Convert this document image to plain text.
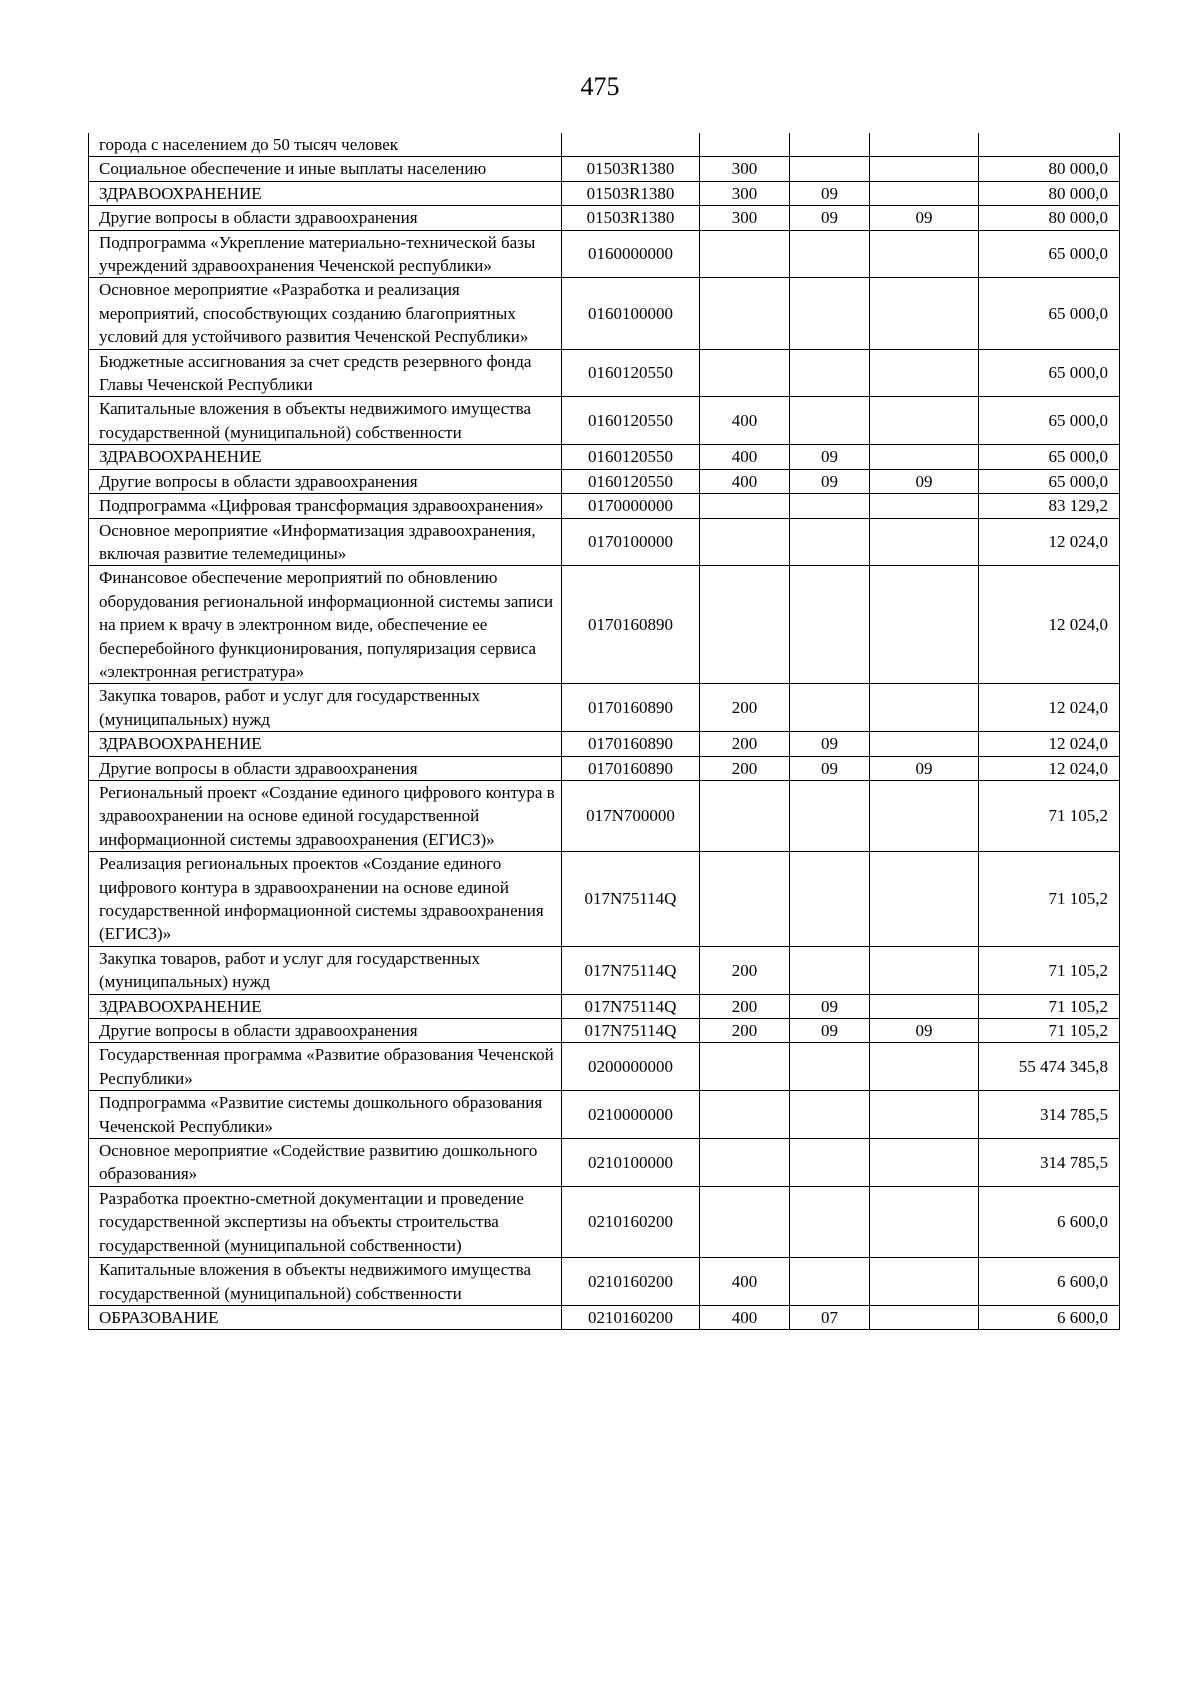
475
города с населением до 50 тысяч человек					
Социальное обеспечение и иные выплаты населению	01503R1380	300			80 000,0
ЗДРАВООХРАНЕНИЕ	01503R1380	300	09		80 000,0
Другие вопросы в области здравоохранения	01503R1380	300	09	09	80 000,0
Подпрограмма «Укрепление материально-технической базы учреждений здравоохранения Чеченской республики»	0160000000				65 000,0
Основное мероприятие «Разработка и реализация мероприятий, способствующих созданию благоприятных условий для устойчивого развития Чеченской Республики»	0160100000				65 000,0
Бюджетные ассигнования за счет средств резервного фонда Главы Чеченской Республики	0160120550				65 000,0
Капитальные вложения в объекты недвижимого имущества государственной (муниципальной) собственности	0160120550	400			65 000,0
ЗДРАВООХРАНЕНИЕ	0160120550	400	09		65 000,0
Другие вопросы в области здравоохранения	0160120550	400	09	09	65 000,0
Подпрограмма «Цифровая трансформация здравоохранения»	0170000000				83 129,2
Основное мероприятие «Информатизация здравоохранения, включая развитие телемедицины»	0170100000				12 024,0
Финансовое обеспечение мероприятий по обновлению оборудования региональной информационной системы записи на прием к врачу в электронном виде, обеспечение ее бесперебойного функционирования, популяризация сервиса «электронная регистратура»	0170160890				12 024,0
Закупка товаров, работ и услуг для государственных (муниципальных) нужд	0170160890	200			12 024,0
ЗДРАВООХРАНЕНИЕ	0170160890	200	09		12 024,0
Другие вопросы в области здравоохранения	0170160890	200	09	09	12 024,0
Региональный проект «Создание единого цифрового контура в здравоохранении на основе единой государственной информационной системы здравоохранения (ЕГИСЗ)»	017N700000				71 105,2
Реализация региональных проектов «Создание единого цифрового контура в здравоохранении на основе единой государственной информационной системы здравоохранения (ЕГИСЗ)»	017N75114Q				71 105,2
Закупка товаров, работ и услуг для государственных (муниципальных) нужд	017N75114Q	200			71 105,2
ЗДРАВООХРАНЕНИЕ	017N75114Q	200	09		71 105,2
Другие вопросы в области здравоохранения	017N75114Q	200	09	09	71 105,2
Государственная программа «Развитие образования Чеченской Республики»	0200000000				55 474 345,8
Подпрограмма «Развитие системы дошкольного образования Чеченской Республики»	0210000000				314 785,5
Основное мероприятие «Содействие развитию дошкольного образования»	0210100000				314 785,5
Разработка проектно-сметной документации и проведение государственной экспертизы на объекты строительства государственной (муниципальной собственности)	0210160200				6 600,0
Капитальные вложения в объекты недвижимого имущества государственной (муниципальной) собственности	0210160200	400			6 600,0
ОБРАЗОВАНИЕ	0210160200	400	07		6 600,0
